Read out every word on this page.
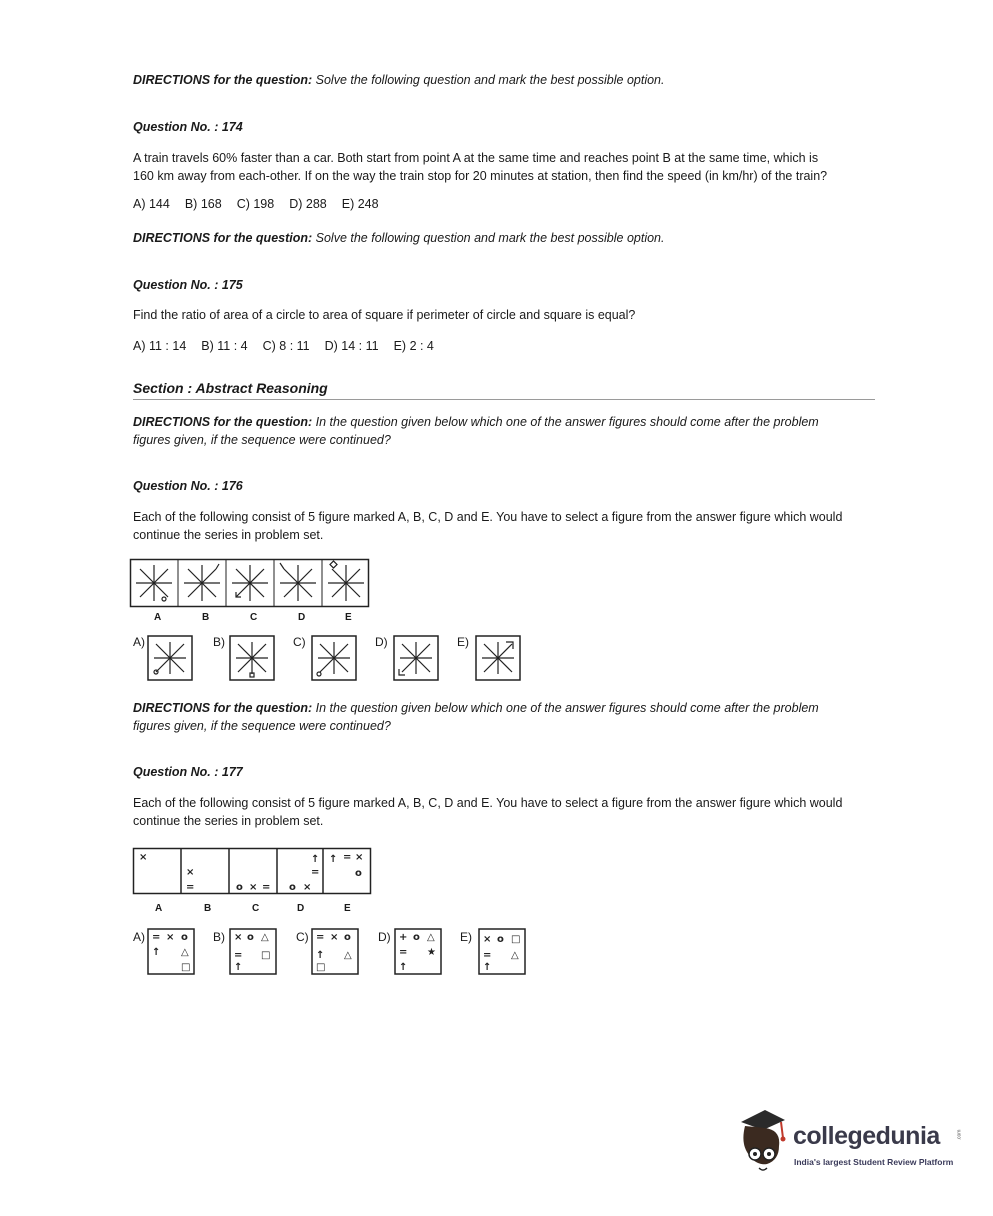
DIRECTIONS for the question: Solve the following question and mark the best possible option.
Question No. : 174
A train travels 60% faster than a car. Both start from point A at the same time and reaches point B at the same time, which is
160 km away from each-other. If on the way the train stop for 20 minutes at station, then find the speed (in km/hr) of the train?
A) 144 B) 168 C) 198 D) 288 E) 248
DIRECTIONS for the question: Solve the following question and mark the best possible option.
Question No. : 175
Find the ratio of area of a circle to area of square if perimeter of circle and square is equal?
A) 11 : 14 B) 11 : 4 C) 8 : 11 D) 14 : 11 E) 2 : 4
Section : Abstract Reasoning
DIRECTIONS for the question: In the question given below which one of the answer figures should come after the problem
figures given, if the sequence were continued?
Question No. : 176
Each of the following consist of 5 figure marked A, B, C, D and E. You have to select a figure from the answer figure which would
continue the series in problem set.
A	B	C	D	E
A)	B)	C)	D)	E)
DIRECTIONS for the question: In the question given below which one of the answer figures should come after the problem
figures given, if the sequence were continued?
Question No. : 177
Each of the following consist of 5 figure marked A, B, C, D and E. You have to select a figure from the answer figure which would
continue the series in problem set.
×
×
=	o × = o ×
↑
=
↑ = ×
o
A	B	C	D	E
A)	B)	C)	D)	E)
= × o
↑ △
□
× o △
= □
↑
= × o
↑ △
□
+ o △
= ★
↑
× o □
= △
↑
collegedunia	.com
India's largest Student Review Platform
